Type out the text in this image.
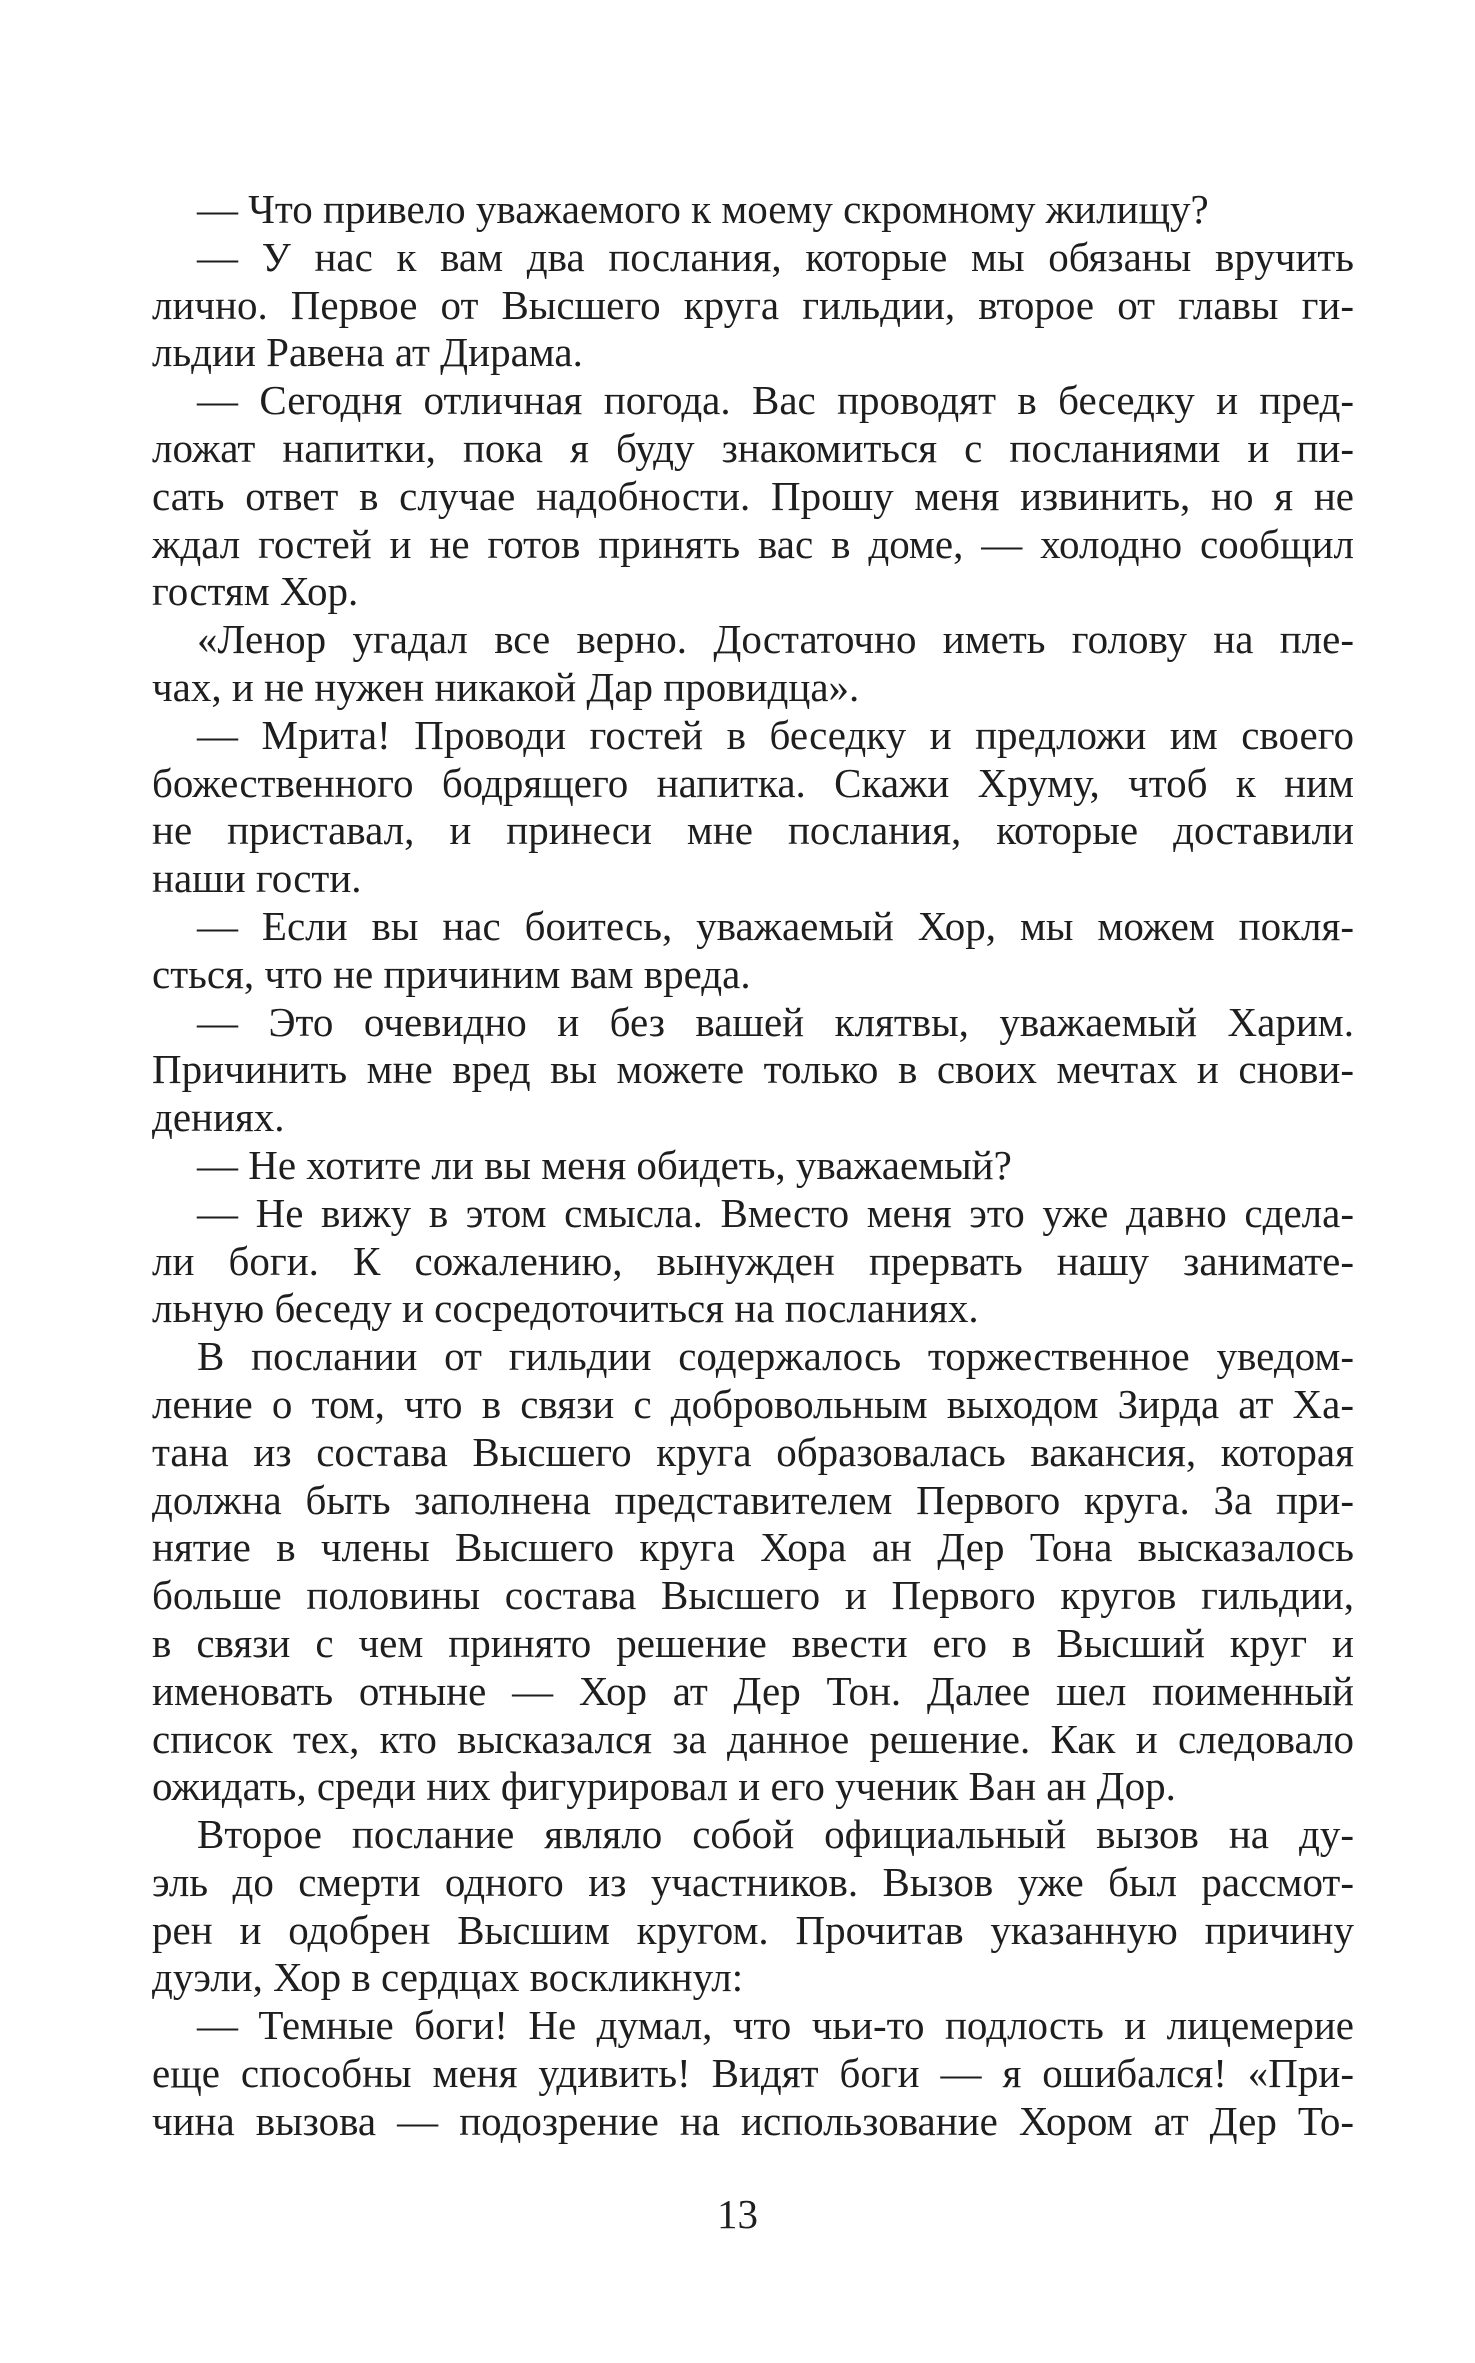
— Что привело уважаемого к моему скромному жилищу?
— У нас к вам два послания, которые мы обязаны вручить
лично. Первое от Высшего круга гильдии, второе от главы ги-
льдии Равена ат Дирама.
— Сегодня отличная погода. Вас проводят в беседку и пред-
ложат напитки, пока я буду знакомиться с посланиями и пи-
сать ответ в случае надобности. Прошу меня извинить, но я не
ждал гостей и не готов принять вас в доме, — холодно сообщил
гостям Хор.
«Ленор угадал все верно. Достаточно иметь голову на пле-
чах, и не нужен никакой Дар провидца».
— Мрита! Проводи гостей в беседку и предложи им своего
божественного бодрящего напитка. Скажи Хруму, чтоб к ним
не приставал, и принеси мне послания, которые доставили
наши гости.
— Если вы нас боитесь, уважаемый Хор, мы можем покля-
сться, что не причиним вам вреда.
— Это очевидно и без вашей клятвы, уважаемый Харим.
Причинить мне вред вы можете только в своих мечтах и снови-
дениях.
— Не хотите ли вы меня обидеть, уважаемый?
— Не вижу в этом смысла. Вместо меня это уже давно сдела-
ли боги. К сожалению, вынужден прервать нашу занимате-
льную беседу и сосредоточиться на посланиях.
В послании от гильдии содержалось торжественное уведом-
ление о том, что в связи с добровольным выходом Зирда ат Ха-
тана из состава Высшего круга образовалась вакансия, которая
должна быть заполнена представителем Первого круга. За при-
нятие в члены Высшего круга Хора ан Дер Тона высказалось
больше половины состава Высшего и Первого кругов гильдии,
в связи с чем принято решение ввести его в Высший круг и
именовать отныне — Хор ат Дер Тон. Далее шел поименный
список тех, кто высказался за данное решение. Как и следовало
ожидать, среди них фигурировал и его ученик Ван ан Дор.
Второе послание являло собой официальный вызов на ду-
эль до смерти одного из участников. Вызов уже был рассмот-
рен и одобрен Высшим кругом. Прочитав указанную причину
дуэли, Хор в сердцах воскликнул:
— Темные боги! Не думал, что чьи-то подлость и лицемерие
еще способны меня удивить! Видят боги — я ошибался! «При-
чина вызова — подозрение на использование Хором ат Дер То-
13
